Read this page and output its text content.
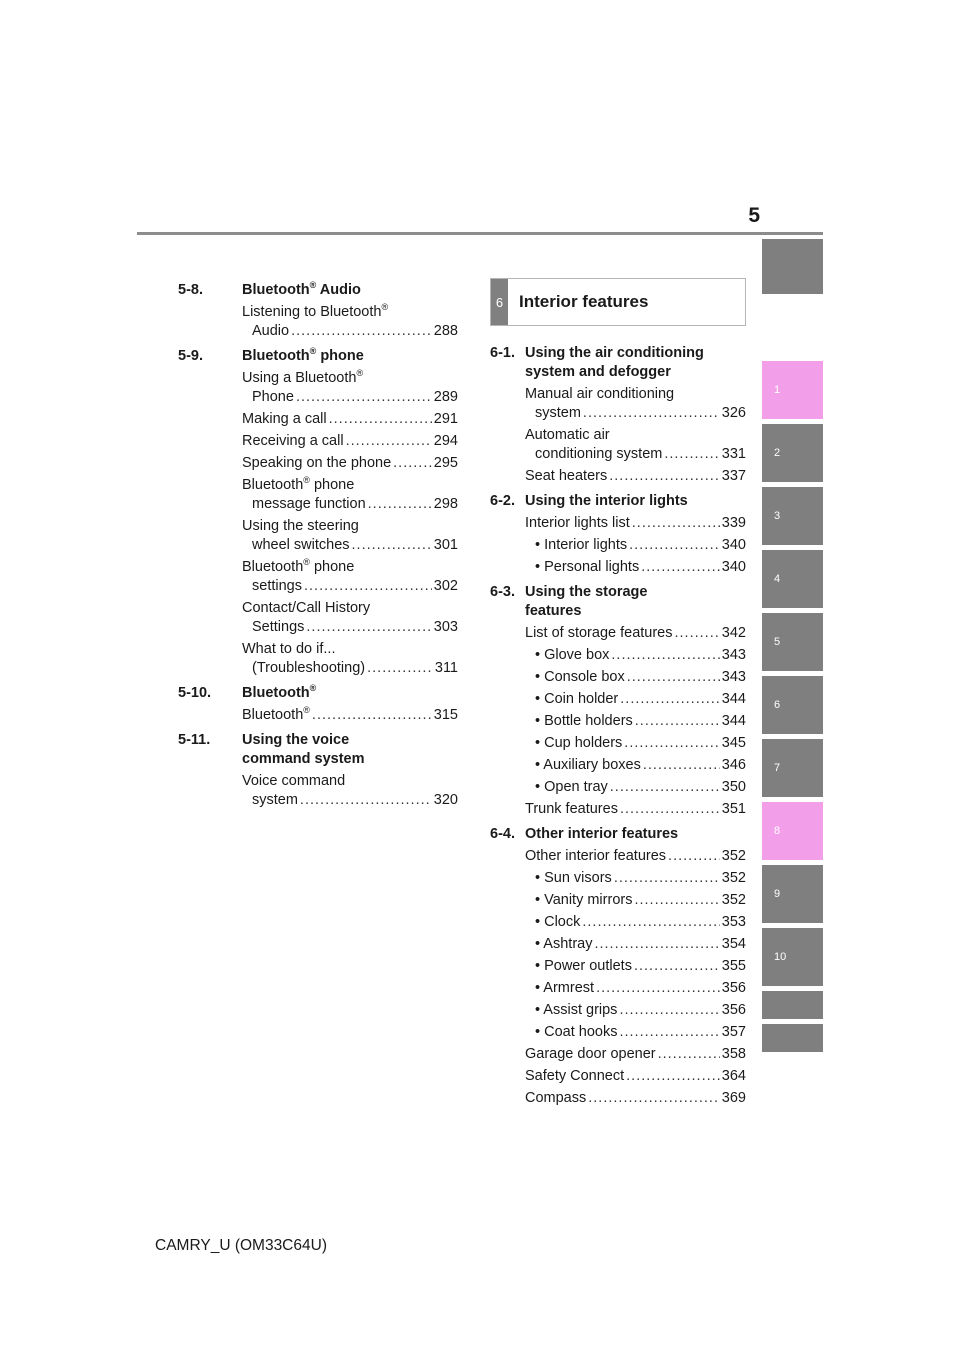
5
1
2
3
4
5
6
7
8
9
10
5-8.	Bluetooth® Audio
Listening to Bluetooth®
Audio .....	288
5-9.	Bluetooth® phone
Using a Bluetooth®
Phone .....	289
Making a call .....	291
Receiving a call .....	294
Speaking on the phone .....	295
Bluetooth® phone
message function .....	298
Using the steering
wheel switches .....	301
Bluetooth® phone
settings .....	302
Contact/Call History
Settings .....	303
What to do if...
(Troubleshooting) .....	311
5-10. Bluetooth®
Bluetooth® .....	315
5-11. Using the voice
command system
Voice command
system .....	320
6 Interior features
6-1. Using the air conditioning
system and defogger
Manual air conditioning
system .....	326
Automatic air
conditioning system .....	331
Seat heaters .....	337
6-2. Using the interior lights
Interior lights list .....	339
• Interior lights .....	340
• Personal lights .....	340
6-3. Using the storage
features
List of storage features .....	342
• Glove box .....	343
• Console box .....	343
• Coin holder .....	344
• Bottle holders .....	344
• Cup holders .....	345
• Auxiliary boxes .....	346
• Open tray .....	350
Trunk features .....	351
6-4. Other interior features
Other interior features .....	352
• Sun visors .....	352
• Vanity mirrors .....	352
• Clock .....	353
• Ashtray .....	354
• Power outlets .....	355
• Armrest .....	356
• Assist grips .....	356
• Coat hooks .....	357
Garage door opener .....	358
Safety Connect .....	364
Compass .....	369
CAMRY_U (OM33C64U)
